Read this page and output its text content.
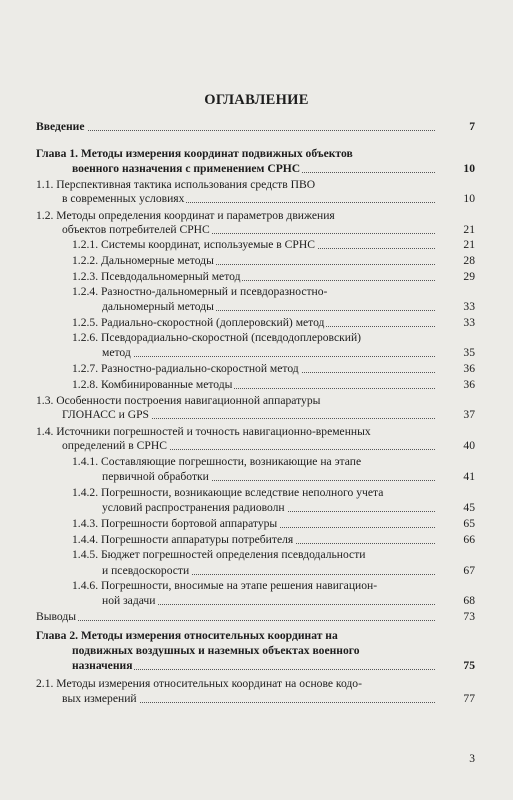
ОГЛАВЛЕНИЕ
Введение	7
Глава 1. Методы измерения координат подвижных объектов
военного назначения с применением СРНС	10
1.1. Перспективная тактика использования средств ПВО
в современных условиях	10
1.2. Методы определения координат и параметров движения
объектов потребителей СРНС	21
1.2.1. Системы координат, используемые в СРНС	21
1.2.2. Дальномерные методы	28
1.2.3. Псевдодальномерный метод	29
1.2.4. Разностно-дальномерный и псевдоразностно-
дальномерный методы	33
1.2.5. Радиально-скоростной (доплеровский) метод	33
1.2.6. Псевдорадиально-скоростной (псевдодоплеровский)
метод	35
1.2.7. Разностно-радиально-скоростной метод	36
1.2.8. Комбинированные методы	36
1.3. Особенности построения навигационной аппаратуры
ГЛОНАСС и GPS	37
1.4. Источники погрешностей и точность навигационно-временных
определений в СРНС	40
1.4.1. Составляющие погрешности, возникающие на этапе
первичной обработки	41
1.4.2. Погрешности, возникающие вследствие неполного учета
условий распространения радиоволн	45
1.4.3. Погрешности бортовой аппаратуры	65
1.4.4. Погрешности аппаратуры потребителя	66
1.4.5. Бюджет погрешностей определения псевдодальности
и псевдоскорости	67
1.4.6. Погрешности, вносимые на этапе решения навигацион-
ной задачи	68
Выводы	73
Глава 2. Методы измерения относительных координат на
подвижных воздушных и наземных объектах военного
назначения	75
2.1. Методы измерения относительных координат на основе кодо-
вых измерений	77
3
